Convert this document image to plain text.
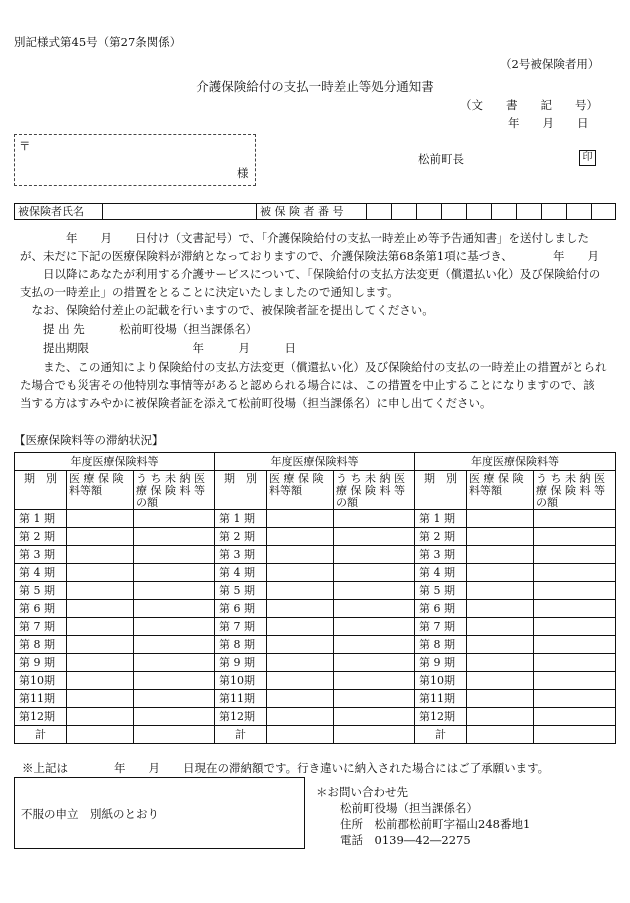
別記様式第45号（第27条関係）
（2号被保険者用）
介護保険給付の支払一時差止等処分通知書
（文　　書　　記　　号）
年　　月　　日
〒
様
松前町長	印
被保険者氏名		被 保 険 者 番 号										
　　　　年　　月　　日付け（文書記号）で、「介護保険給付の支払一時差止め等予告通知書」を送付しました
が、未だに下記の医療保険料が滞納となっておりますので、介護保険法第68条第1項に基づき、　　　　年　　月
　　日以降にあなたが利用する介護サービスについて、「保険給付の支払方法変更（償還払い化）及び保険給付の
支払の一時差止」の措置をとることに決定いたしましたので通知します。
　なお、保険給付差止の記載を行いますので、被保険者証を提出してください。
　　提 出 先　　　松前町役場（担当課係名）
　　提出期限　　　　　　　　　年　　　月　　　日
　　また、この通知により保険給付の支払方法変更（償還払い化）及び保険給付の支払の一時差止の措置がとられ
た場合でも災害その他特別な事情等があると認められる場合には、この措置を中止することになりますので、該
当する方はすみやかに被保険者証を添えて松前町役場（担当課係名）に申し出てください。
【医療保険料等の滞納状況】
年度医療保険料等			年度医療保険料等			年度医療保険料等		
期　別	医 療 保 険 料等額	う ち 未 納 医 療 保 険 料 等 の額	期　別	医 療 保 険 料等額	う ち 未 納 医 療 保 険 料 等 の額	期　別	医 療 保 険 料等額	う ち 未 納 医 療 保 険 料 等 の額
第 1 期			第 1 期			第 1 期		
第 2 期			第 2 期			第 2 期		
第 3 期			第 3 期			第 3 期		
第 4 期			第 4 期			第 4 期		
第 5 期			第 5 期			第 5 期		
第 6 期			第 6 期			第 6 期		
第 7 期			第 7 期			第 7 期		
第 8 期			第 8 期			第 8 期		
第 9 期			第 9 期			第 9 期		
第10期			第10期			第10期		
第11期			第11期			第11期		
第12期			第12期			第12期		
計			計			計		
※上記は　　　　年　　月　　日現在の滞納額です。行き違いに納入された場合にはご了承願います。
不服の申立　別紙のとおり
＊お問い合わせ先
松前町役場（担当課係名）
住所　松前郡松前町字福山248番地1
電話　0139―42―2275
